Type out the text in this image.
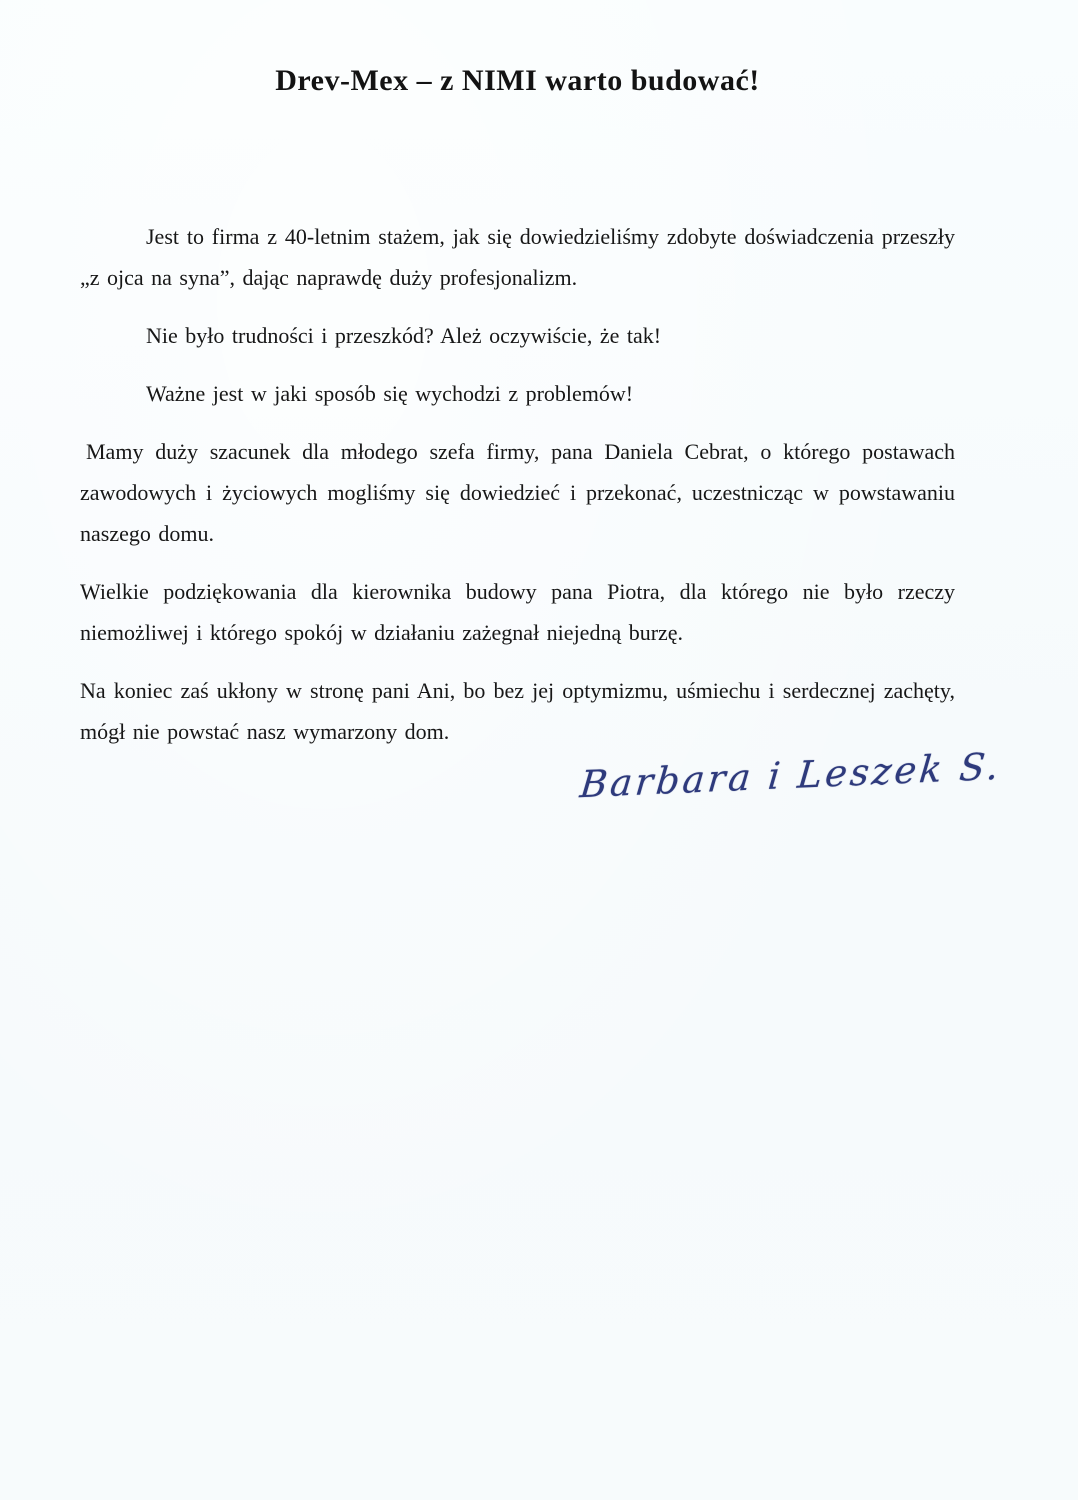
Drev-Mex – z NIMI warto budować!

Jest to firma z 40-letnim stażem, jak się dowiedzieliśmy zdobyte doświadczenia przeszły „z ojca na syna”, dając naprawdę duży profesjonalizm.

Nie było trudności i przeszkód? Ależ oczywiście, że tak!

Ważne jest w jaki sposób się wychodzi z problemów!

Mamy duży szacunek dla młodego szefa firmy, pana Daniela Cebrat, o którego postawach zawodowych i życiowych mogliśmy się dowiedzieć i przekonać, uczestnicząc w powstawaniu naszego domu.

Wielkie podziękowania dla kierownika budowy pana Piotra, dla którego nie było rzeczy niemożliwej i którego spokój w działaniu zażegnał niejedną burzę.

Na koniec zaś ukłony w stronę pani Ani, bo bez jej optymizmu, uśmiechu i serdecznej zachęty, mógł nie powstać nasz wymarzony dom.

Barbara i Leszek S.
